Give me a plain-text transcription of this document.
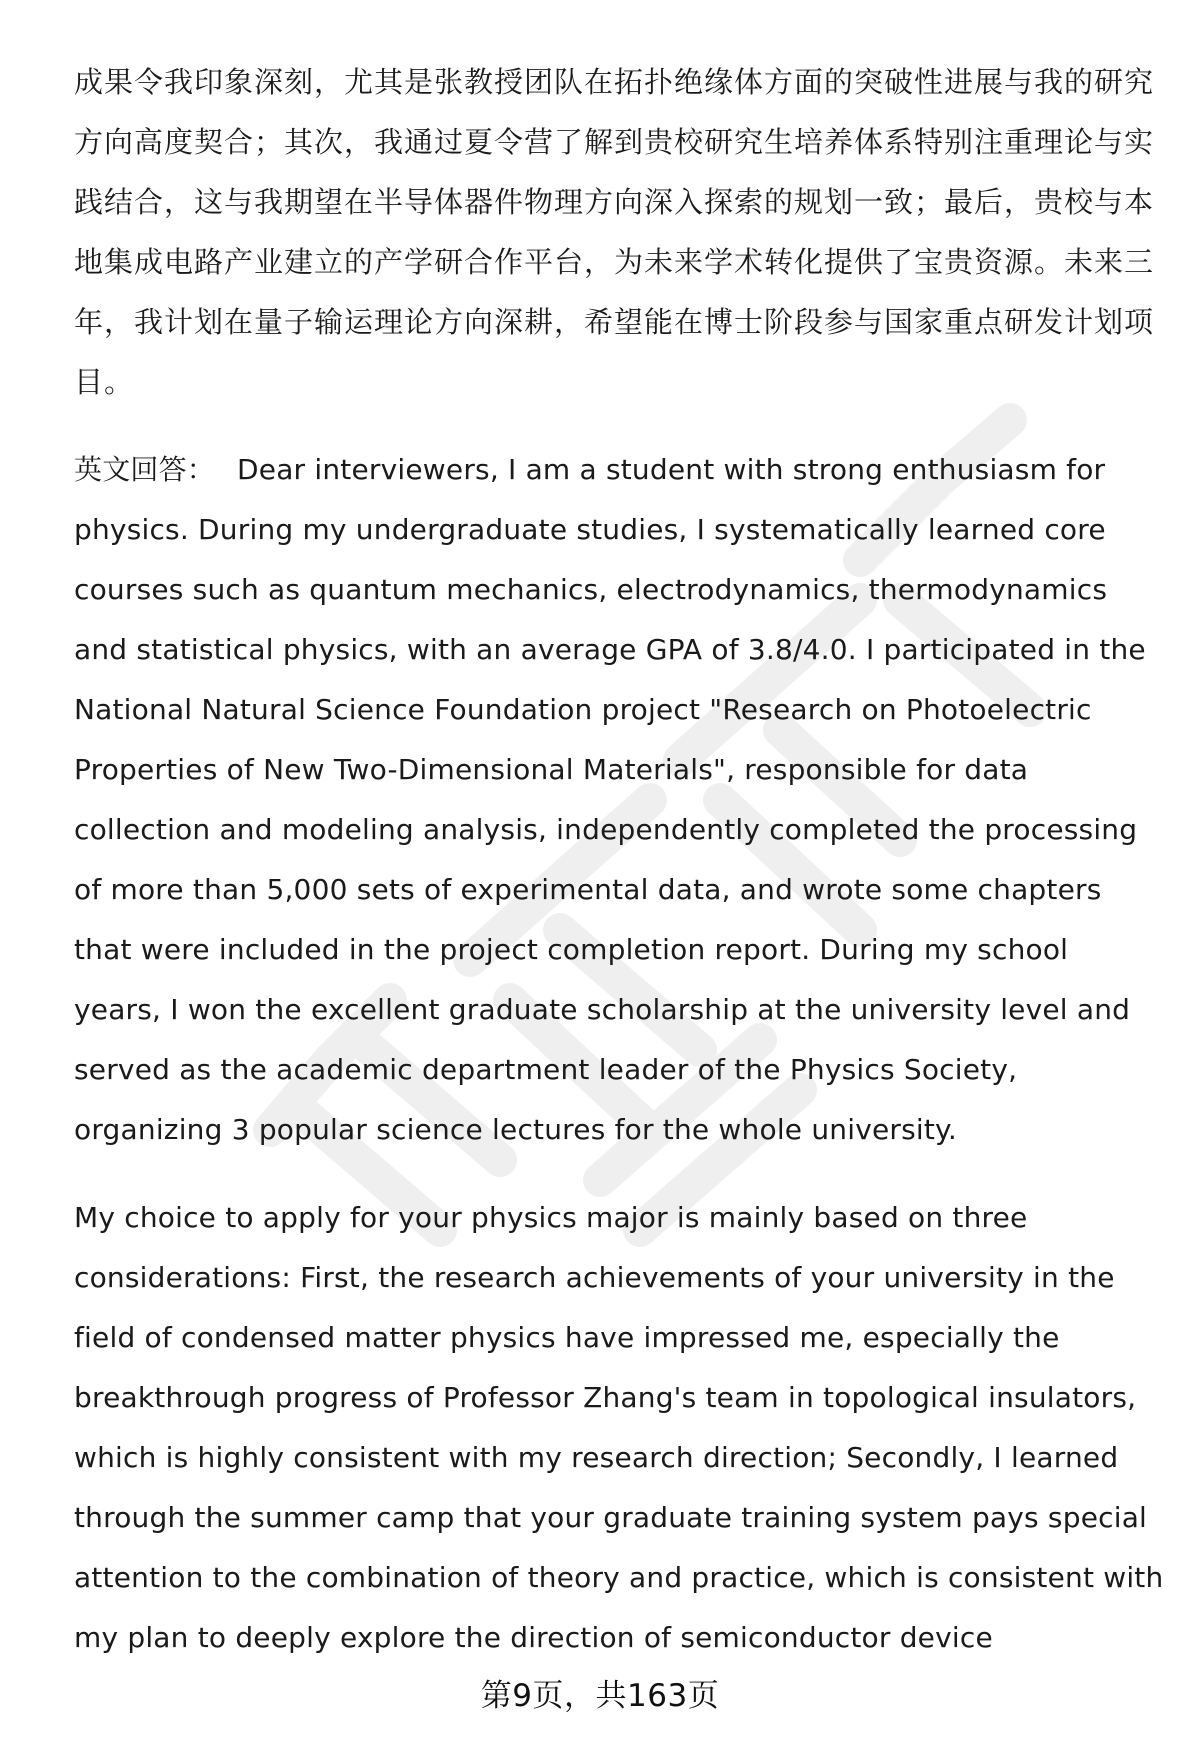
成果令我印象深刻，尤其是张教授团队在拓扑绝缘体方面的突破性进展与我的研究方向高度契合；其次，我通过夏令营了解到贵校研究生培养体系特别注重理论与实践结合，这与我期望在半导体器件物理方向深入探索的规划一致；最后，贵校与本地集成电路产业建立的产学研合作平台，为未来学术转化提供了宝贵资源。未来三年，我计划在量子输运理论方向深耕，希望能在博士阶段参与国家重点研发计划项目。

英文回答： Dear interviewers, I am a student with strong enthusiasm for physics. During my undergraduate studies, I systematically learned core courses such as quantum mechanics, electrodynamics, thermodynamics and statistical physics, with an average GPA of 3.8/4.0. I participated in the National Natural Science Foundation project "Research on Photoelectric Properties of New Two-Dimensional Materials", responsible for data collection and modeling analysis, independently completed the processing of more than 5,000 sets of experimental data, and wrote some chapters that were included in the project completion report. During my school years, I won the excellent graduate scholarship at the university level and served as the academic department leader of the Physics Society, organizing 3 popular science lectures for the whole university.

My choice to apply for your physics major is mainly based on three considerations: First, the research achievements of your university in the field of condensed matter physics have impressed me, especially the breakthrough progress of Professor Zhang's team in topological insulators, which is highly consistent with my research direction; Secondly, I learned through the summer camp that your graduate training system pays special attention to the combination of theory and practice, which is consistent with my plan to deeply explore the direction of semiconductor device

第9页，共163页
